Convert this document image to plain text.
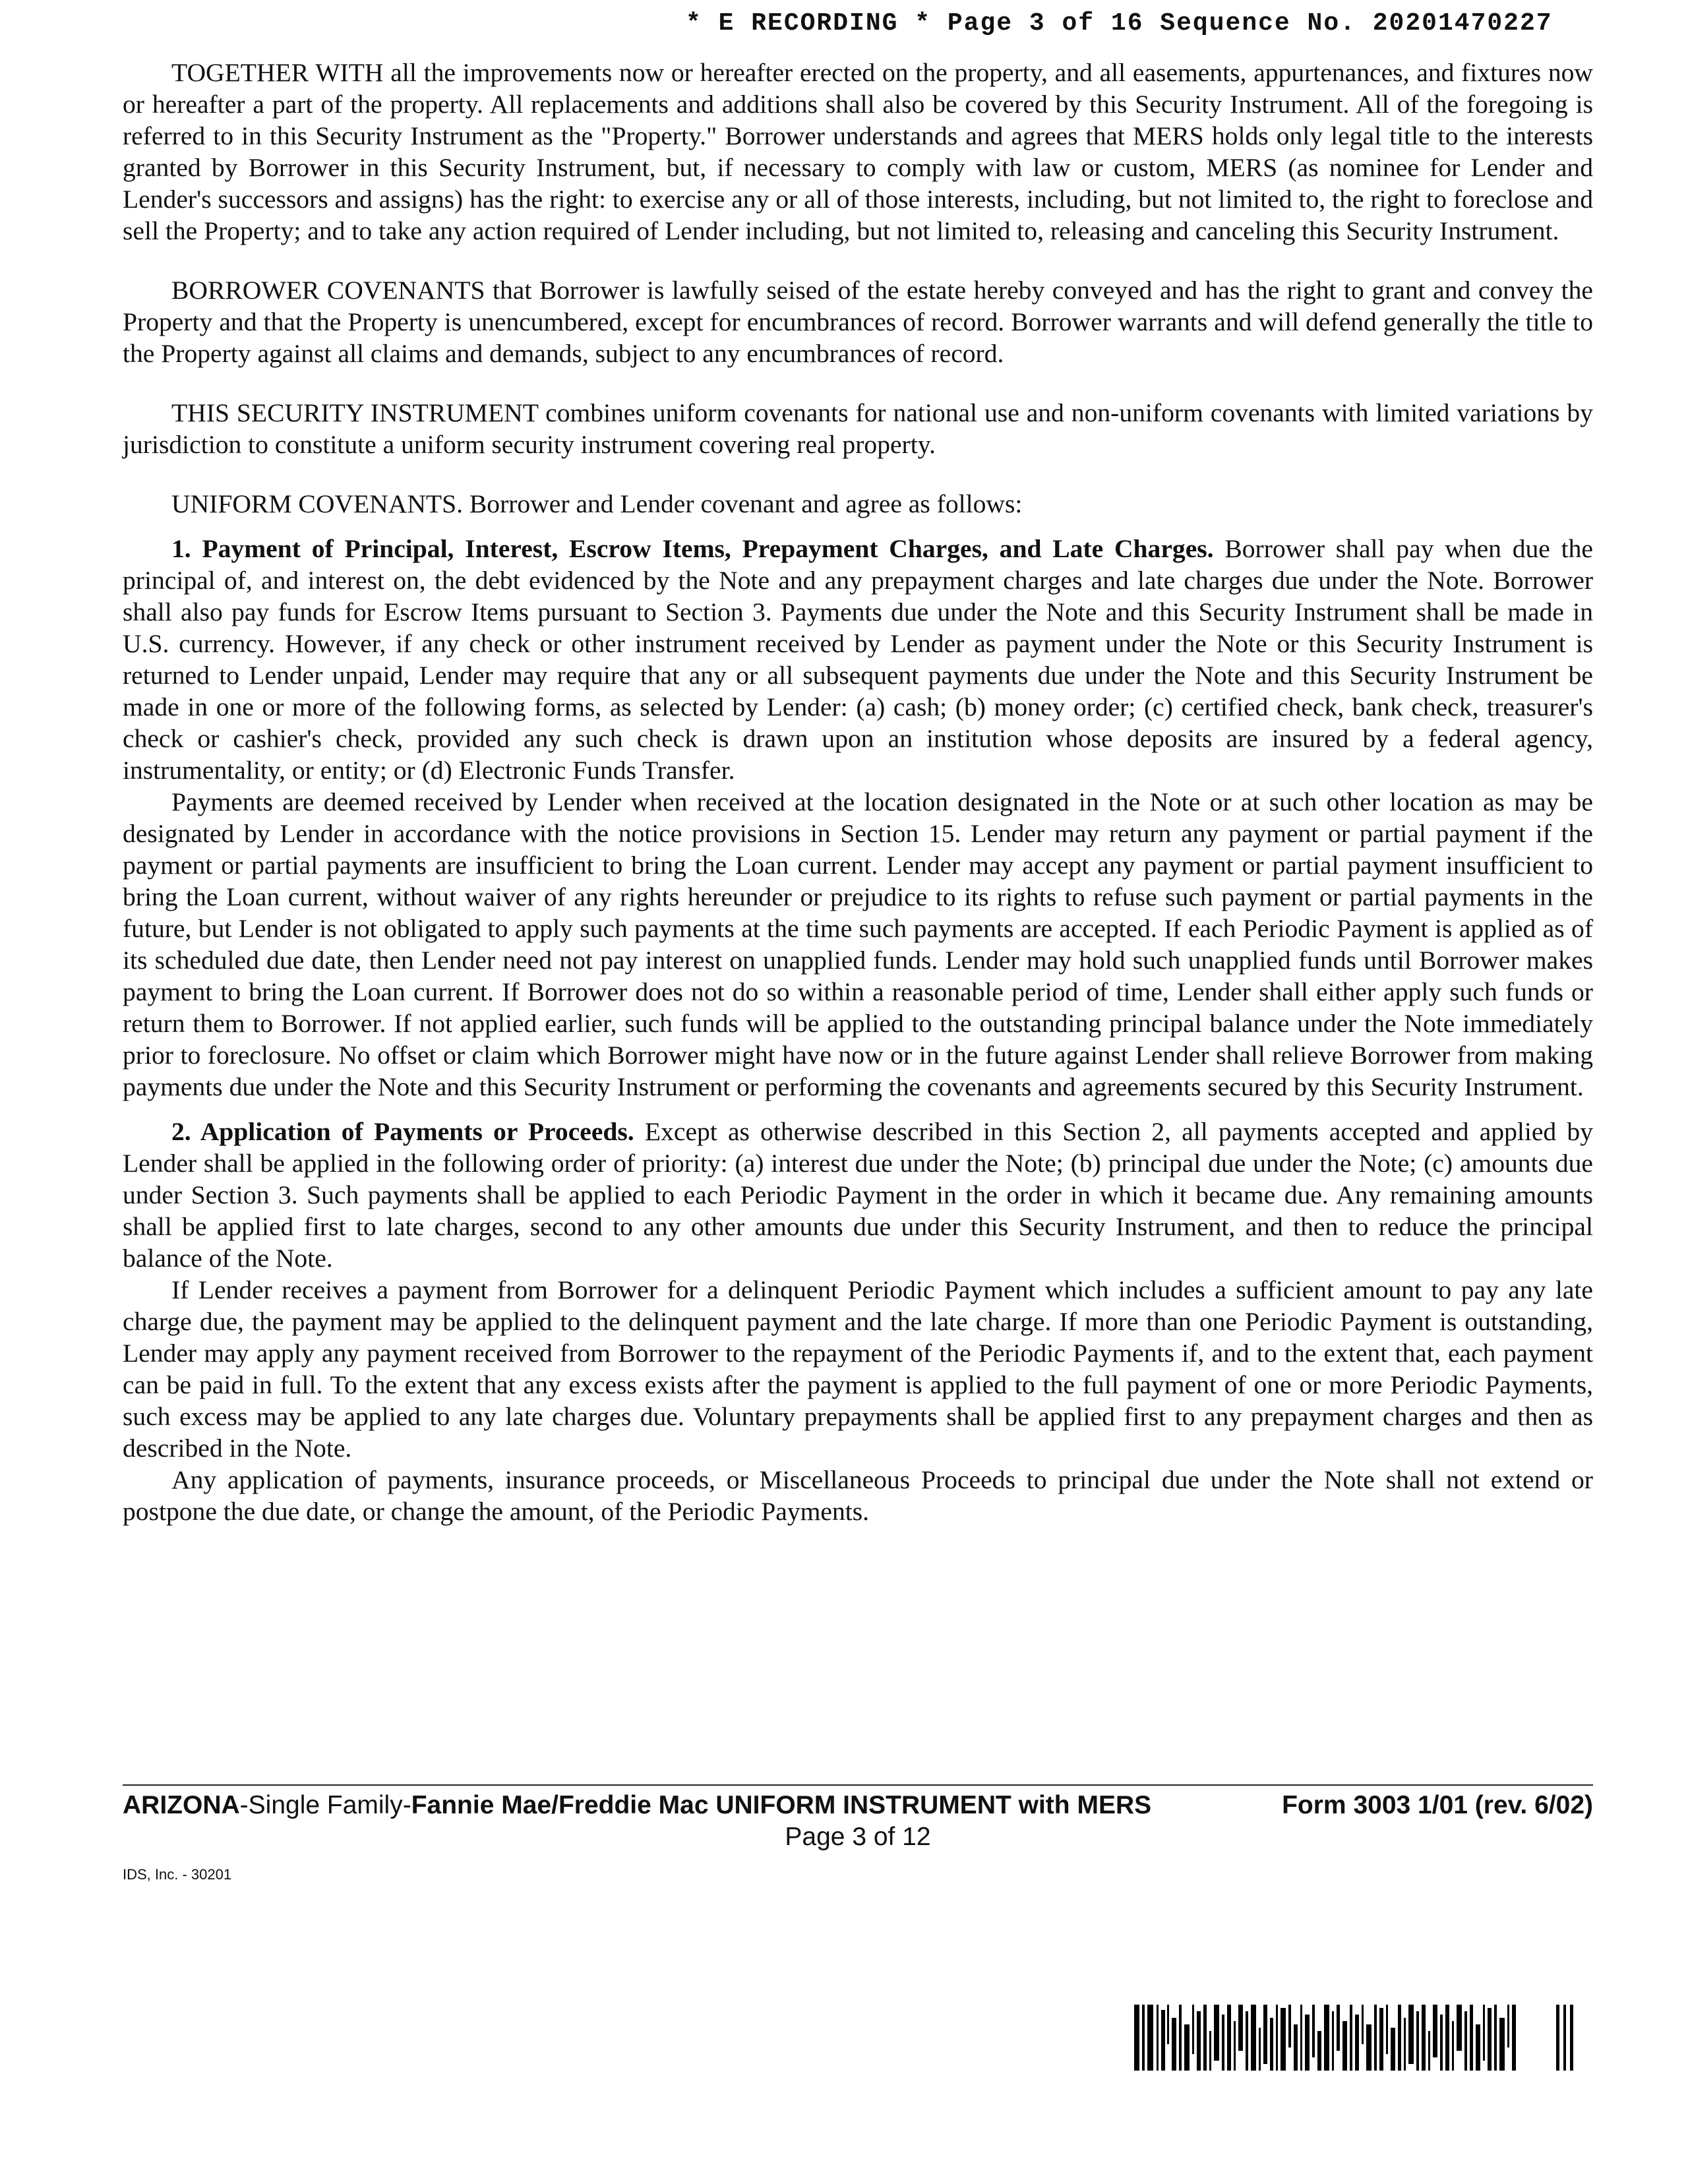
* E RECORDING * Page 3 of 16 Sequence No. 20201470227

TOGETHER WITH all the improvements now or hereafter erected on the property, and all easements, appurtenances, and fixtures now or hereafter a part of the property. All replacements and additions shall also be covered by this Security Instrument. All of the foregoing is referred to in this Security Instrument as the "Property." Borrower understands and agrees that MERS holds only legal title to the interests granted by Borrower in this Security Instrument, but, if necessary to comply with law or custom, MERS (as nominee for Lender and Lender's successors and assigns) has the right: to exercise any or all of those interests, including, but not limited to, the right to foreclose and sell the Property; and to take any action required of Lender including, but not limited to, releasing and canceling this Security Instrument.

BORROWER COVENANTS that Borrower is lawfully seised of the estate hereby conveyed and has the right to grant and convey the Property and that the Property is unencumbered, except for encumbrances of record. Borrower warrants and will defend generally the title to the Property against all claims and demands, subject to any encumbrances of record.

THIS SECURITY INSTRUMENT combines uniform covenants for national use and non-uniform covenants with limited variations by jurisdiction to constitute a uniform security instrument covering real property.

UNIFORM COVENANTS. Borrower and Lender covenant and agree as follows:

1. Payment of Principal, Interest, Escrow Items, Prepayment Charges, and Late Charges. Borrower shall pay when due the principal of, and interest on, the debt evidenced by the Note and any prepayment charges and late charges due under the Note. Borrower shall also pay funds for Escrow Items pursuant to Section 3. Payments due under the Note and this Security Instrument shall be made in U.S. currency. However, if any check or other instrument received by Lender as payment under the Note or this Security Instrument is returned to Lender unpaid, Lender may require that any or all subsequent payments due under the Note and this Security Instrument be made in one or more of the following forms, as selected by Lender: (a) cash; (b) money order; (c) certified check, bank check, treasurer's check or cashier's check, provided any such check is drawn upon an institution whose deposits are insured by a federal agency, instrumentality, or entity; or (d) Electronic Funds Transfer.

Payments are deemed received by Lender when received at the location designated in the Note or at such other location as may be designated by Lender in accordance with the notice provisions in Section 15. Lender may return any payment or partial payment if the payment or partial payments are insufficient to bring the Loan current. Lender may accept any payment or partial payment insufficient to bring the Loan current, without waiver of any rights hereunder or prejudice to its rights to refuse such payment or partial payments in the future, but Lender is not obligated to apply such payments at the time such payments are accepted. If each Periodic Payment is applied as of its scheduled due date, then Lender need not pay interest on unapplied funds. Lender may hold such unapplied funds until Borrower makes payment to bring the Loan current. If Borrower does not do so within a reasonable period of time, Lender shall either apply such funds or return them to Borrower. If not applied earlier, such funds will be applied to the outstanding principal balance under the Note immediately prior to foreclosure. No offset or claim which Borrower might have now or in the future against Lender shall relieve Borrower from making payments due under the Note and this Security Instrument or performing the covenants and agreements secured by this Security Instrument.

2. Application of Payments or Proceeds. Except as otherwise described in this Section 2, all payments accepted and applied by Lender shall be applied in the following order of priority: (a) interest due under the Note; (b) principal due under the Note; (c) amounts due under Section 3. Such payments shall be applied to each Periodic Payment in the order in which it became due. Any remaining amounts shall be applied first to late charges, second to any other amounts due under this Security Instrument, and then to reduce the principal balance of the Note.

If Lender receives a payment from Borrower for a delinquent Periodic Payment which includes a sufficient amount to pay any late charge due, the payment may be applied to the delinquent payment and the late charge. If more than one Periodic Payment is outstanding, Lender may apply any payment received from Borrower to the repayment of the Periodic Payments if, and to the extent that, each payment can be paid in full. To the extent that any excess exists after the payment is applied to the full payment of one or more Periodic Payments, such excess may be applied to any late charges due. Voluntary prepayments shall be applied first to any prepayment charges and then as described in the Note.

Any application of payments, insurance proceeds, or Miscellaneous Proceeds to principal due under the Note shall not extend or postpone the due date, or change the amount, of the Periodic Payments.

ARIZONA-Single Family-Fannie Mae/Freddie Mac UNIFORM INSTRUMENT with MERS	Form 3003 1/01 (rev. 6/02)
Page 3 of 12
IDS, Inc. - 30201
